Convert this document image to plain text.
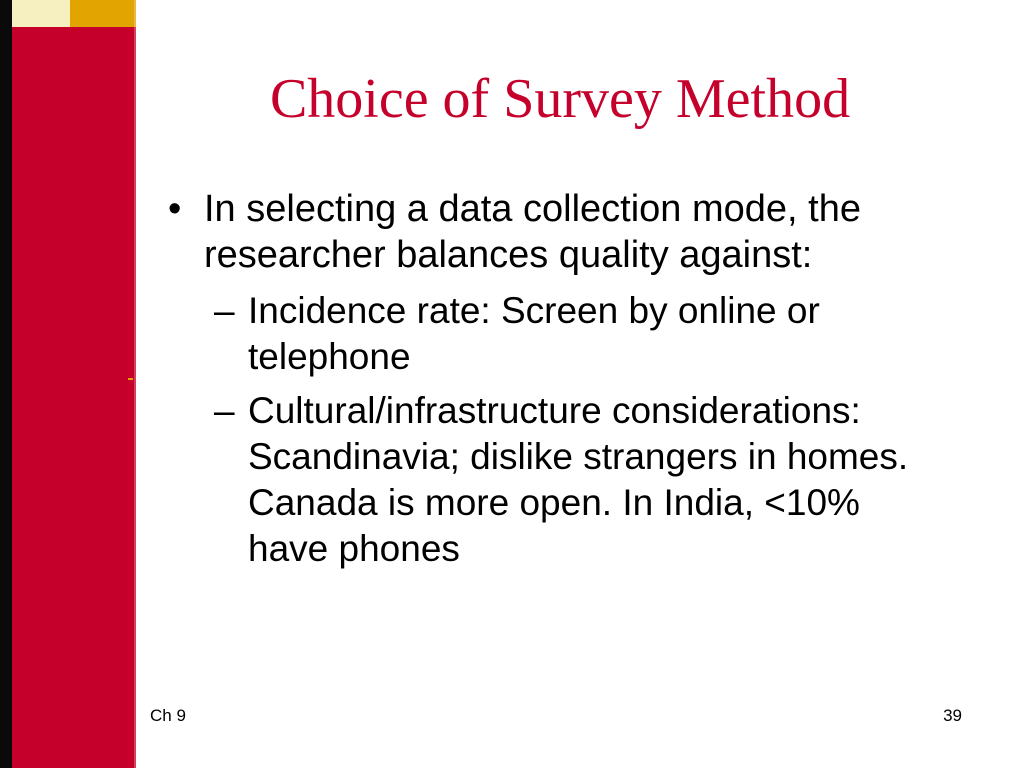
Choice of Survey Method
• In selecting a data collection mode, the researcher balances quality against:
– Incidence rate: Screen by online or telephone
– Cultural/infrastructure considerations: Scandinavia; dislike strangers in homes. Canada is more open. In India, <10% have phones
Ch 9	39
